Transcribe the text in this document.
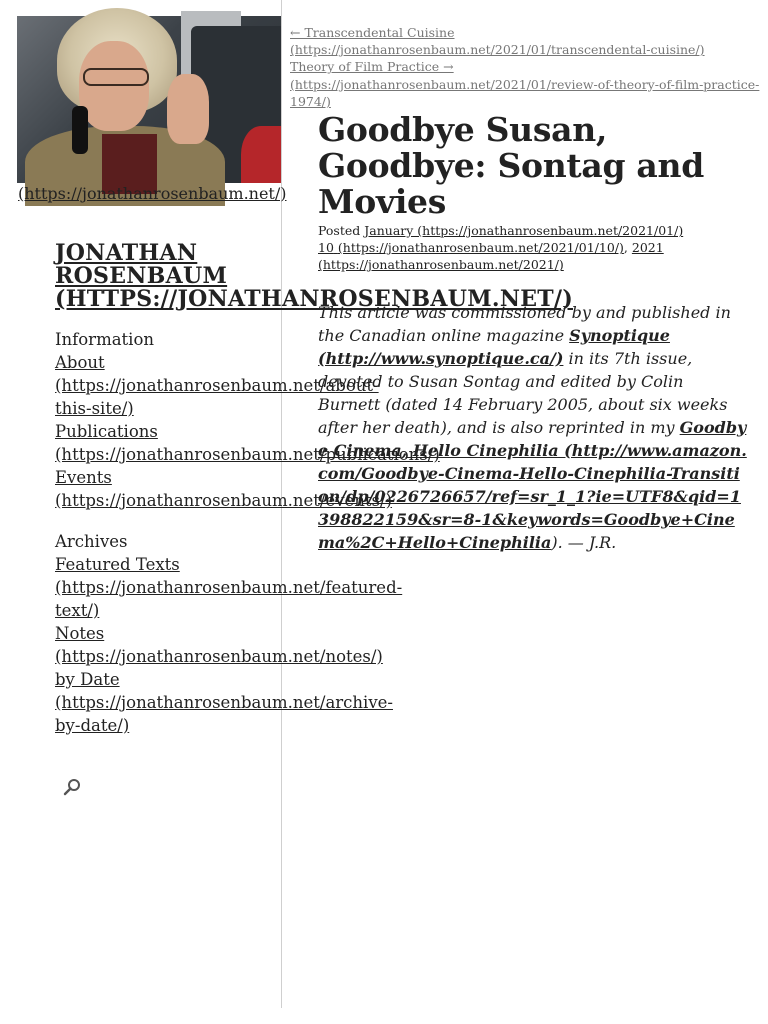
(https://jonathanrosenbaum.net/)
JONATHAN
ROSENBAUM
(HTTPS://JONATHANROSENBAUM.NET/)
Information
About
(https://jonathanrosenbaum.net/about-
this-site/)
Publications
(https://jonathanrosenbaum.net/publications/)
Events
(https://jonathanrosenbaum.net/events/)
Archives
Featured Texts
(https://jonathanrosenbaum.net/featured-
text/)
Notes
(https://jonathanrosenbaum.net/notes/)
by Date
(https://jonathanrosenbaum.net/archive-
by-date/)
← Transcendental Cuisine
(https://jonathanrosenbaum.net/2021/01/transcendental-cuisine/)
Theory of Film Practice →
(https://jonathanrosenbaum.net/2021/01/review-of-theory-of-film-practice-
1974/)
Goodbye Susan, Goodbye: Sontag and Movies
Posted January (https://jonathanrosenbaum.net/2021/01/) 10 (https://jonathanrosenbaum.net/2021/01/10/), 2021 (https://jonathanrosenbaum.net/2021/)
This article was commissioned by and published in the Canadian online magazine Synoptique (http://www.synoptique.ca/) in its 7th issue, devoted to Susan Sontag and edited by Colin Burnett (dated 14 February 2005, about six weeks after her death), and is also reprinted in my Goodbye Cinema, Hello Cinephilia (http://www.amazon.com/Goodbye-Cinema-Hello-Cinephilia-Transition/dp/0226726657/ref=sr_1_1?ie=UTF8&qid=1398822159&sr=8-1&keywords=Goodbye+Cinema%2C+Hello+Cinephilia). — J.R.
